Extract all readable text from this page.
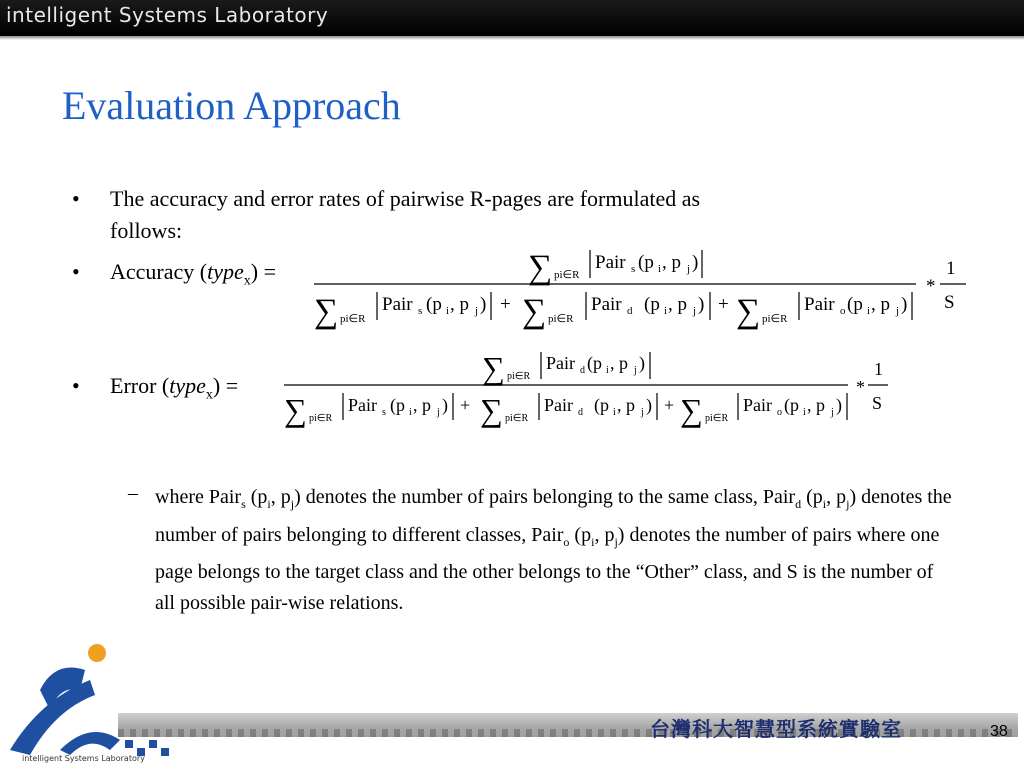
intelligent Systems Laboratory
Evaluation Approach
• The accuracy and error rates of pairwise R-pages are formulated as
follows:
• Accuracy (type$_x$) =	∑ pi∈R
Pair s (p i , p j )
∑ pi∈R
Pair s (p i , p j ) + ∑ pi∈R
Pair d (p i , p j ) + ∑ pi∈R
Pair o (p i , p j )
*
1
S
• Error (type$_x$) =	∑ pi∈R
Pair d (p i , p j )
∑ pi∈R
Pair s (p i , p j ) + ∑ pi∈R
Pair d (p i , p j ) + ∑ pi∈R
Pair o (p i , p j )
*
1
S
– where Pair$_s$ ($p_i$, $p_j$) denotes the number of pairs belonging to the same class, Pair$_d$ ($p_i$, $p_j$) denotes the number of pairs belonging to different classes, Pair$_o$ ($p_i$, $p_j$) denotes the number of pairs where one page belongs to the target class and the other belongs to the “Other” class, and S is the number of all possible pair-wise relations.
台灣科大智慧型系統實驗室	38
intelligent Systems Laboratory
